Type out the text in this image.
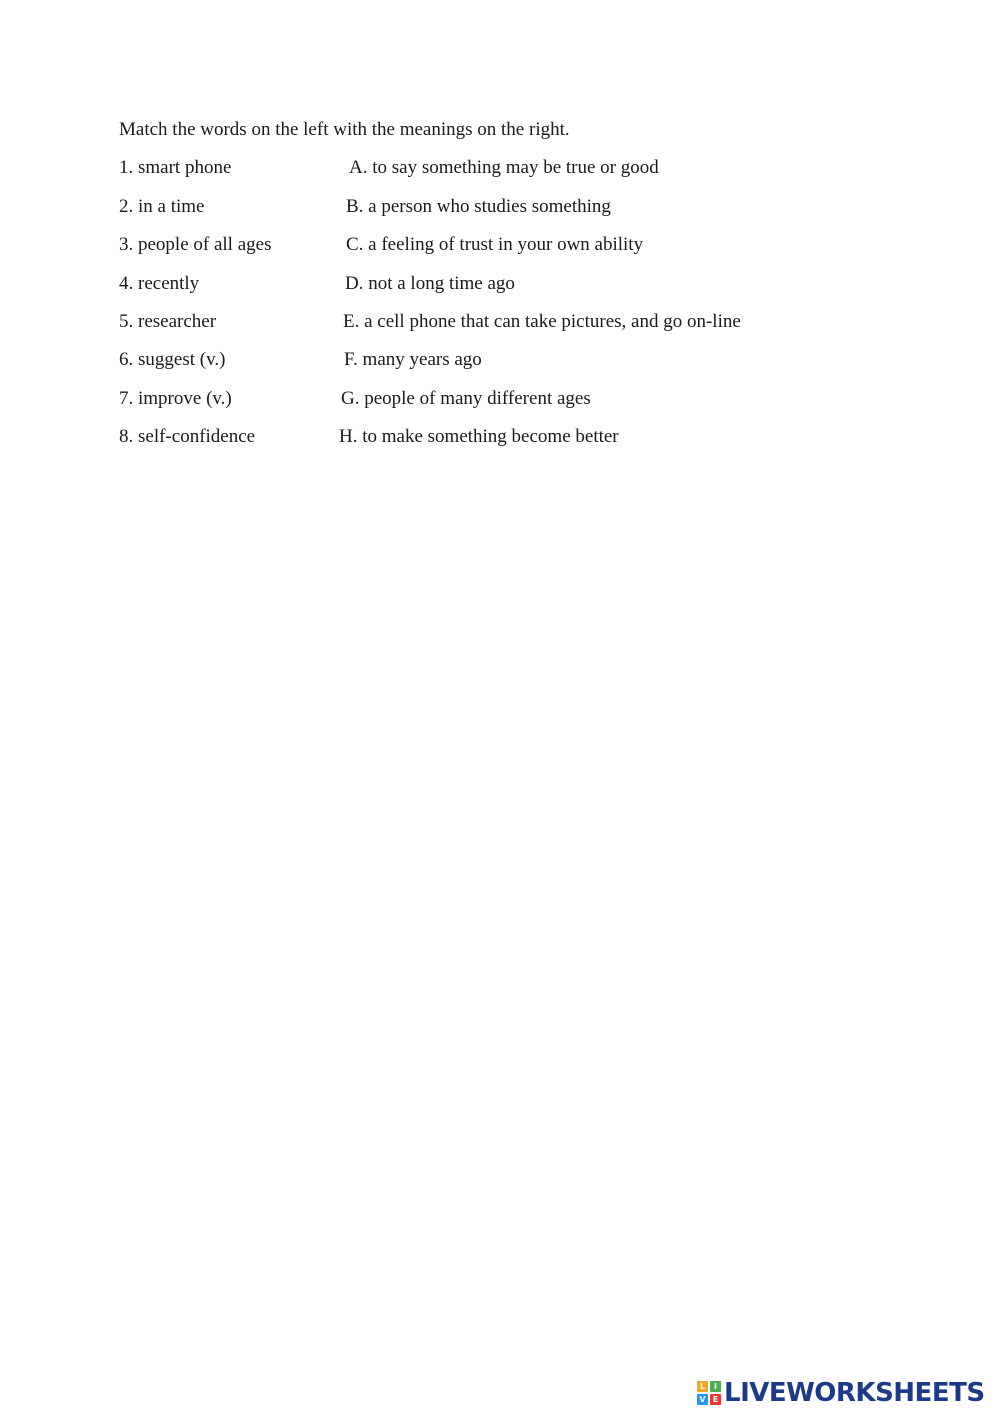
Match the words on the left with the meanings on the right.
1. smart phone	A. to say something may be true or good
2. in a time	B. a person who studies something
3. people of all ages	C. a feeling of trust in your own ability
4. recently	D. not a long time ago
5. researcher	E. a cell phone that can take pictures, and go on-line
6. suggest (v.)	F. many years ago
7. improve (v.)	G. people of many different ages
8. self-confidence	H. to make something become better
L	I
V E LIVEWORKSHEETS
